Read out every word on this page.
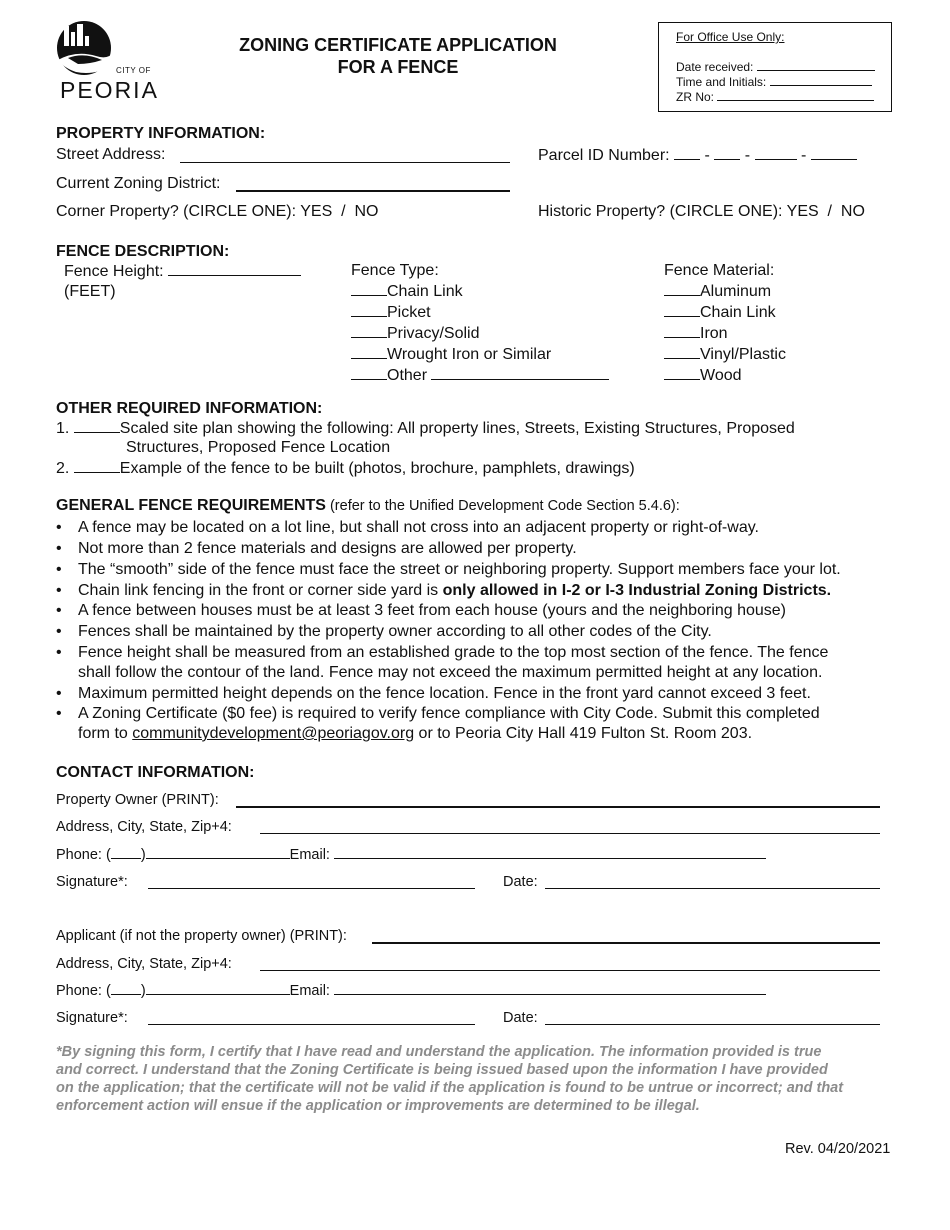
CITY OF
PEORIA
ZONING CERTIFICATE APPLICATION
FOR A FENCE
For Office Use Only:
Date received:
Time and Initials:
ZR No:
PROPERTY INFORMATION:
Street Address:	Parcel ID Number: - -	-
Current Zoning District:
Corner Property? (CIRCLE ONE): YES  /  NO	Historic Property? (CIRCLE ONE): YES  /  NO
FENCE DESCRIPTION:
Fence Height:
(FEET)
Fence Type:
Chain Link
Picket
Privacy/Solid
Wrought Iron or Similar
Other
Fence Material:
Aluminum
Chain Link
Iron
Vinyl/Plastic
Wood
OTHER REQUIRED INFORMATION:
1.	Scaled site plan showing the following: All property lines, Streets, Existing Structures, Proposed
Structures, Proposed Fence Location
2.	Example of the fence to be built (photos, brochure, pamphlets, drawings)
GENERAL FENCE REQUIREMENTS (refer to the Unified Development Code Section 5.4.6):
•	A fence may be located on a lot line, but shall not cross into an adjacent property or right-of-way.
•	Not more than 2 fence materials and designs are allowed per property.
•	The “smooth” side of the fence must face the street or neighboring property. Support members face your lot.
•	Chain link fencing in the front or corner side yard is only allowed in I-2 or I-3 Industrial Zoning Districts.
•	A fence between houses must be at least 3 feet from each house (yours and the neighboring house)
•	Fences shall be maintained by the property owner according to all other codes of the City.
•	Fence height shall be measured from an established grade to the top most section of the fence. The fence
shall follow the contour of the land. Fence may not exceed the maximum permitted height at any location.
•	Maximum permitted height depends on the fence location. Fence in the front yard cannot exceed 3 feet.
•	A Zoning Certificate ($0 fee) is required to verify fence compliance with City Code. Submit this completed
form to communitydevelopment@peoriagov.org or to Peoria City Hall 419 Fulton St. Room 203.
CONTACT INFORMATION:
Property Owner (PRINT):
Address, City, State, Zip+4:
Phone: ( )	Email:
Signature*:	Date:
Applicant (if not the property owner) (PRINT):
Address, City, State, Zip+4:
Phone: ( )	Email:
Signature*:	Date:
*By signing this form, I certify that I have read and understand the application. The information provided is true
and correct. I understand that the Zoning Certificate is being issued based upon the information I have provided
on the application; that the certificate will not be valid if the application is found to be untrue or incorrect; and that
enforcement action will ensue if the application or improvements are determined to be illegal.
Rev. 04/20/2021
